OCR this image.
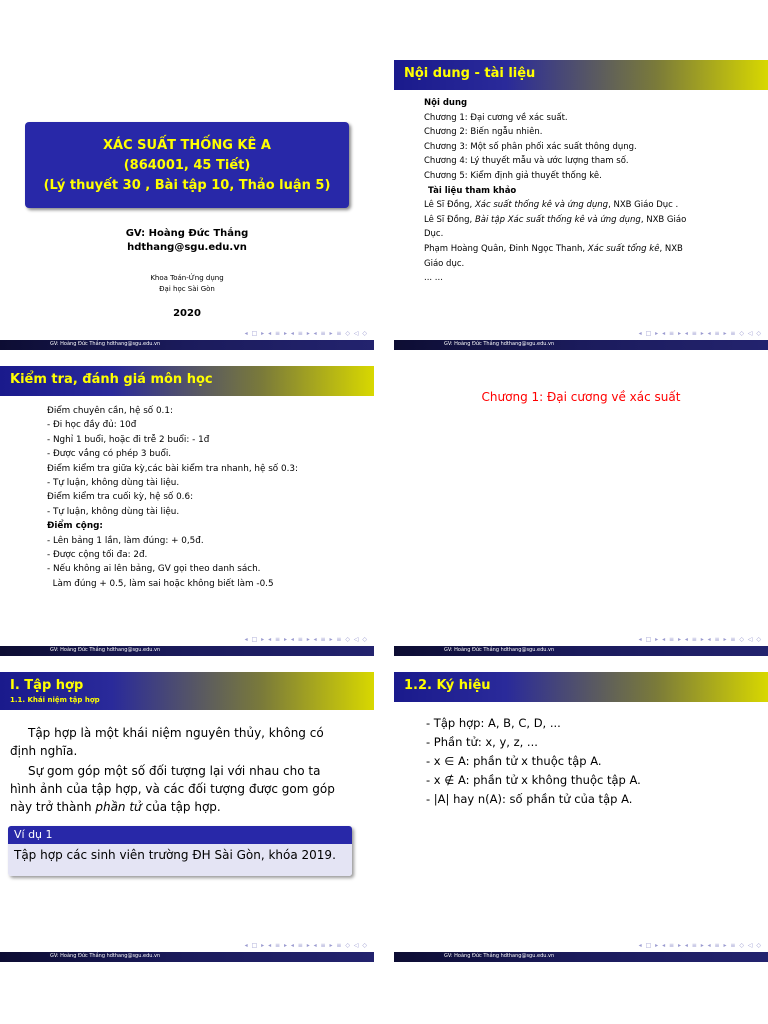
XÁC SUẤT THỐNG KÊ A
(864001, 45 Tiết)
(Lý thuyết 30 , Bài tập 10, Thảo luận 5)
GV: Hoàng Đức Thắng
hdthang@sgu.edu.vn
Khoa Toán-Ứng dụng
Đại học Sài Gòn
2020
◂ □ ▸ ◂ ≡ ▸ ◂ ≡ ▸ ◂ ≡ ▸ ≡ ◇ ◁ ◇
GV: Hoàng Đức Thắng hdthang@sgu.edu.vn
Nội dung - tài liệu
Nội dung
Chương 1: Đại cương về xác suất.
Chương 2: Biến ngẫu nhiên.
Chương 3: Một số phân phối xác suất thông dụng.
Chương 4: Lý thuyết mẫu và ước lượng tham số.
Chương 5: Kiểm định giả thuyết thống kê.
Tài liệu tham khảo
Lê Sĩ Đồng, Xác suất thống kê và ứng dụng, NXB Giáo Dục .
Lê Sĩ Đồng, Bài tập Xác suất thống kê và ứng dụng, NXB Giáo
Dục.
Phạm Hoàng Quân, Đinh Ngọc Thanh, Xác suất tổng kê, NXB
Giáo dục.
... ...
◂ □ ▸ ◂ ≡ ▸ ◂ ≡ ▸ ◂ ≡ ▸ ≡ ◇ ◁ ◇
GV: Hoàng Đức Thắng hdthang@sgu.edu.vn
Kiểm tra, đánh giá môn học
Điểm chuyên cần, hệ số 0.1:
- Đi học đầy đủ: 10đ
- Nghỉ 1 buổi, hoặc đi trễ 2 buổi: - 1đ
- Được vắng có phép 3 buổi.
Điểm kiểm tra giữa kỳ,các bài kiểm tra nhanh, hệ số 0.3:
- Tự luận, không dùng tài liệu.
Điểm kiểm tra cuối kỳ, hệ số 0.6:
- Tự luận, không dùng tài liệu.
Điểm cộng:
- Lên bảng 1 lần, làm đúng: + 0,5đ.
- Được cộng tối đa: 2đ.
- Nếu không ai lên bảng, GV gọi theo danh sách.
Làm đúng + 0.5, làm sai hoặc không biết làm -0.5
◂ □ ▸ ◂ ≡ ▸ ◂ ≡ ▸ ◂ ≡ ▸ ≡ ◇ ◁ ◇
GV: Hoàng Đức Thắng hdthang@sgu.edu.vn
Chương 1: Đại cương về xác suất
◂ □ ▸ ◂ ≡ ▸ ◂ ≡ ▸ ◂ ≡ ▸ ≡ ◇ ◁ ◇
GV: Hoàng Đức Thắng hdthang@sgu.edu.vn
I. Tập hợp
1.1. Khái niệm tập hợp
Tập hợp là một khái niệm nguyên thủy, không có định nghĩa.
Sự gom góp một số đối tượng lại với nhau cho ta hình ảnh của tập hợp, và các đối tượng được gom góp này trở thành phần tử của tập hợp.
Ví dụ 1
Tập hợp các sinh viên trường ĐH Sài Gòn, khóa 2019.
◂ □ ▸ ◂ ≡ ▸ ◂ ≡ ▸ ◂ ≡ ▸ ≡ ◇ ◁ ◇
GV: Hoàng Đức Thắng hdthang@sgu.edu.vn
1.2. Ký hiệu
- Tập hợp: A, B, C, D, ...
- Phần tử: x, y, z, ...
- x ∈ A: phần tử x thuộc tập A.
- x ∉ A: phần tử x không thuộc tập A.
- |A| hay n(A): số phần tử của tập A.
◂ □ ▸ ◂ ≡ ▸ ◂ ≡ ▸ ◂ ≡ ▸ ≡ ◇ ◁ ◇
GV: Hoàng Đức Thắng hdthang@sgu.edu.vn
